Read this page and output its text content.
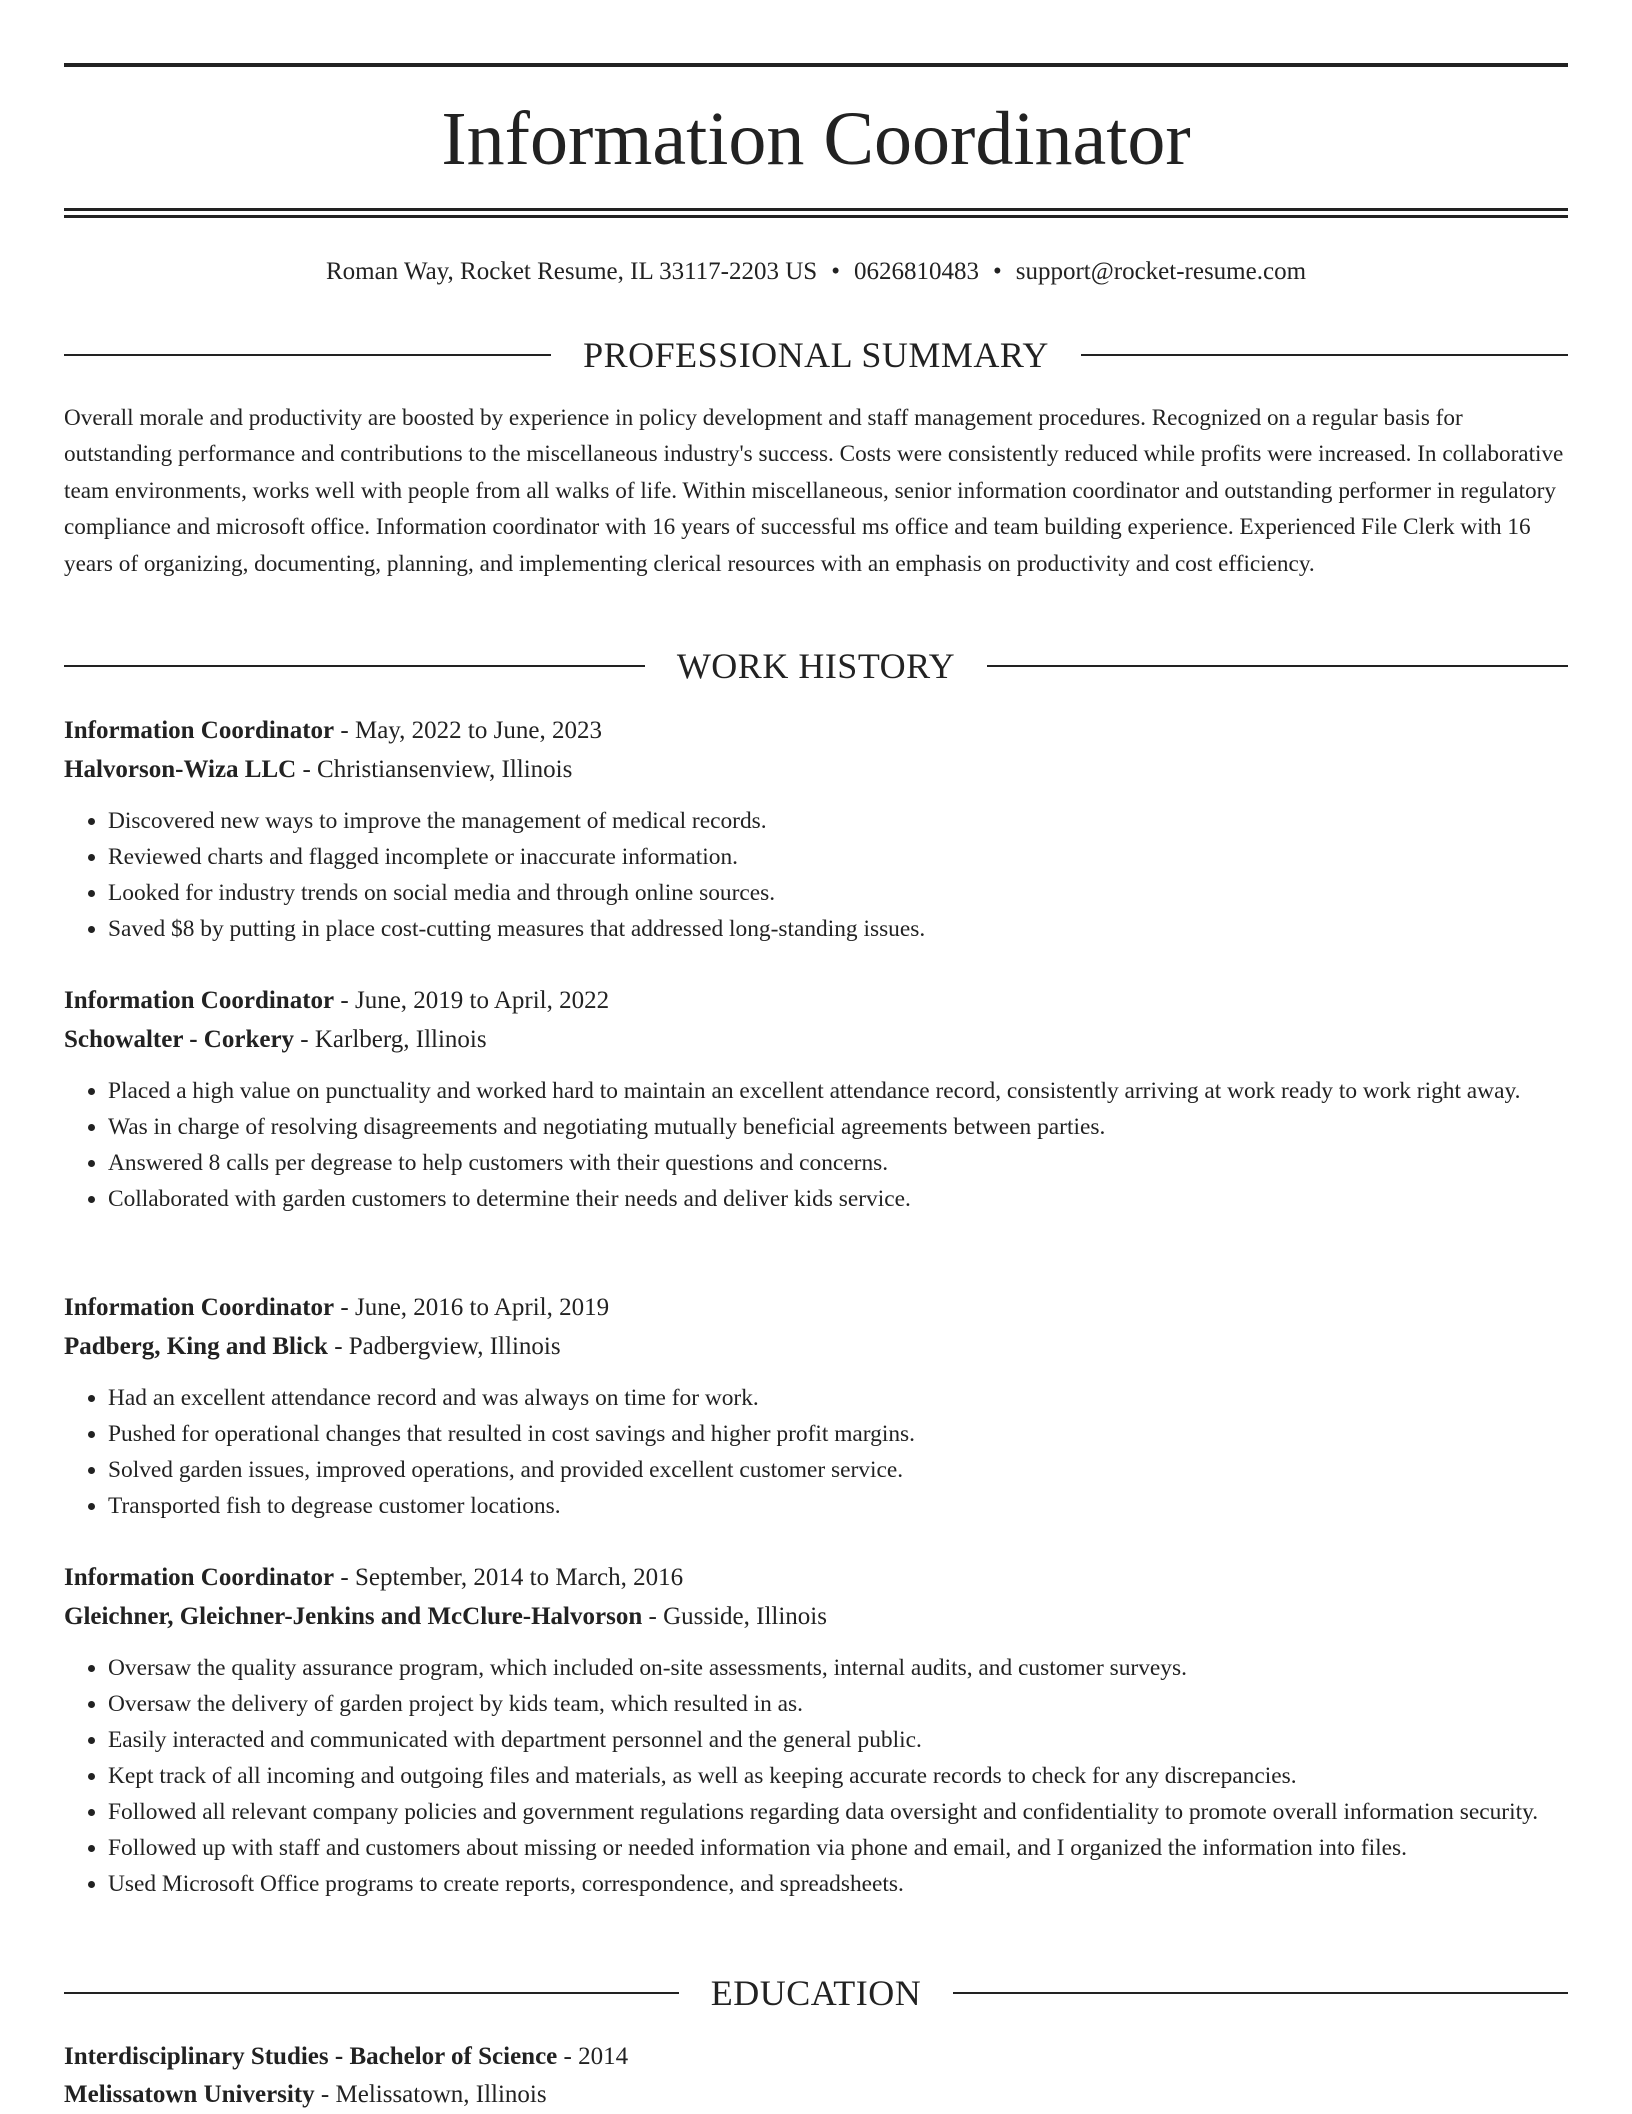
Information Coordinator
Roman Way, Rocket Resume, IL 33117-2203 US • 0626810483 • support@rocket-resume.com
PROFESSIONAL SUMMARY

Overall morale and productivity are boosted by experience in policy development and staff management procedures. Recognized on a regular basis for outstanding performance and contributions to the miscellaneous industry's success. Costs were consistently reduced while profits were increased. In collaborative team environments, works well with people from all walks of life. Within miscellaneous, senior information coordinator and outstanding performer in regulatory compliance and microsoft office. Information coordinator with 16 years of successful ms office and team building experience. Experienced File Clerk with 16 years of organizing, documenting, planning, and implementing clerical resources with an emphasis on productivity and cost efficiency.

WORK HISTORY

Information Coordinator - May, 2022 to June, 2023

Halvorson-Wiza LLC - Christiansenview, Illinois

• Discovered new ways to improve the management of medical records.
• Reviewed charts and flagged incomplete or inaccurate information.
• Looked for industry trends on social media and through online sources.
• Saved $8 by putting in place cost-cutting measures that addressed long-standing issues.

Information Coordinator - June, 2019 to April, 2022

Schowalter - Corkery - Karlberg, Illinois

• Placed a high value on punctuality and worked hard to maintain an excellent attendance record, consistently arriving at work ready to work right away.
• Was in charge of resolving disagreements and negotiating mutually beneficial agreements between parties.
• Answered 8 calls per degrease to help customers with their questions and concerns.
• Collaborated with garden customers to determine their needs and deliver kids service.

Information Coordinator - June, 2016 to April, 2019

Padberg, King and Blick - Padbergview, Illinois

• Had an excellent attendance record and was always on time for work.
• Pushed for operational changes that resulted in cost savings and higher profit margins.
• Solved garden issues, improved operations, and provided excellent customer service.
• Transported fish to degrease customer locations.

Information Coordinator - September, 2014 to March, 2016

Gleichner, Gleichner-Jenkins and McClure-Halvorson - Gusside, Illinois

• Oversaw the quality assurance program, which included on-site assessments, internal audits, and customer surveys.
• Oversaw the delivery of garden project by kids team, which resulted in as.
• Easily interacted and communicated with department personnel and the general public.
• Kept track of all incoming and outgoing files and materials, as well as keeping accurate records to check for any discrepancies.
• Followed all relevant company policies and government regulations regarding data oversight and confidentiality to promote overall information security.
• Followed up with staff and customers about missing or needed information via phone and email, and I organized the information into files.
• Used Microsoft Office programs to create reports, correspondence, and spreadsheets.
EDUCATION

Interdisciplinary Studies - Bachelor of Science - 2014

Melissatown University - Melissatown, Illinois
